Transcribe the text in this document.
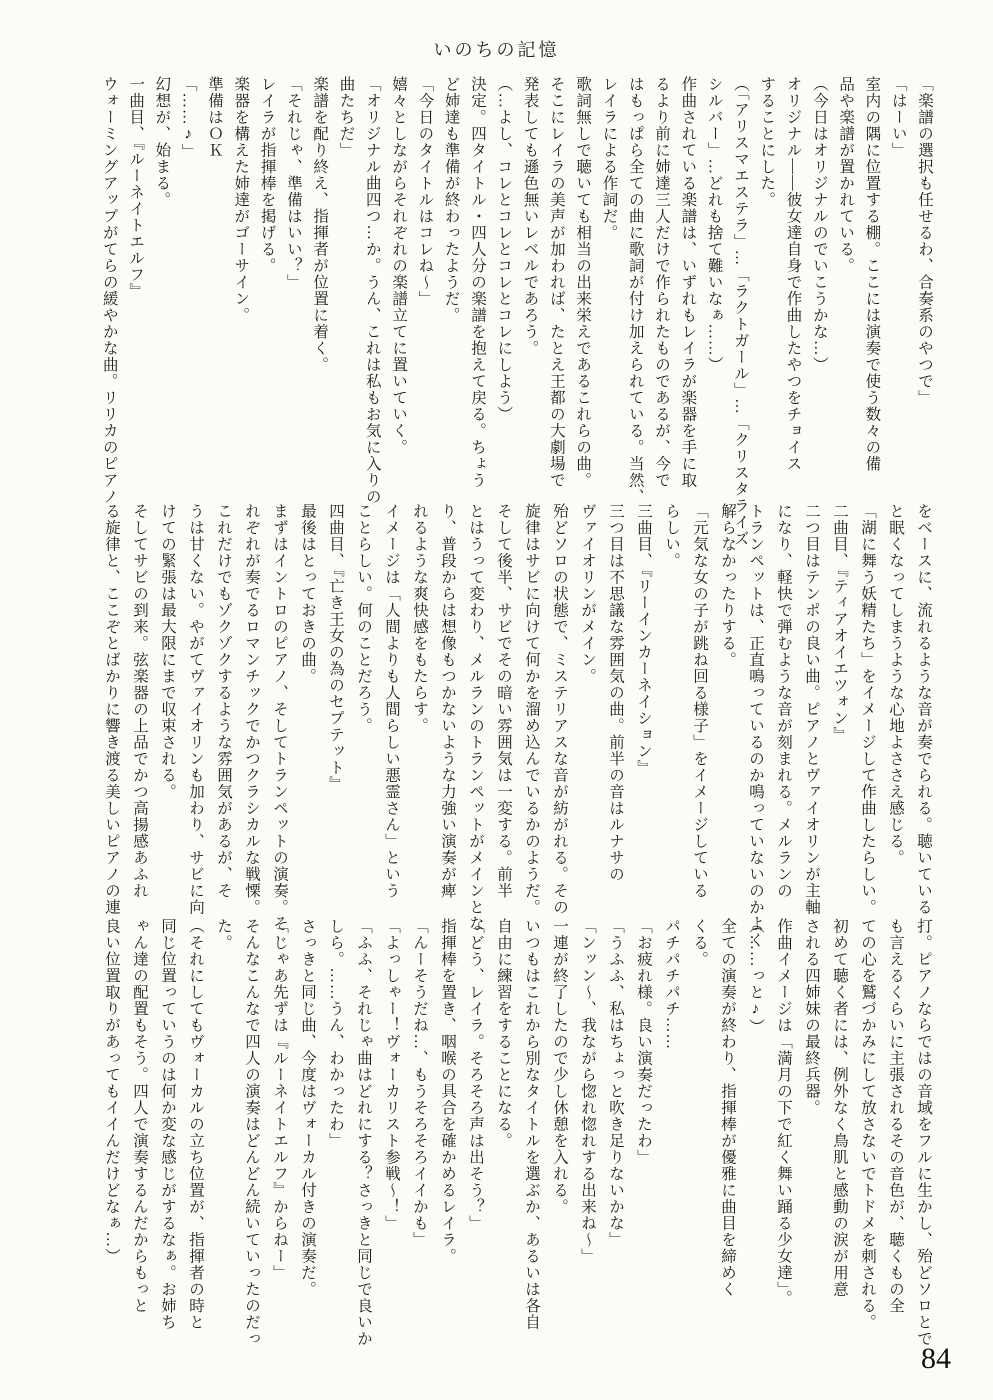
いのちの記憶

「楽譜の選択も任せるわ、合奏系のやつで」

「はーい」

室内の隅に位置する棚。ここには演奏で使う数々の備

品や楽譜が置かれている。

（今日はオリジナルのでいこうかな…）

オリジナル――彼女達自身で作曲したやつをチョイス

することにした。

（「アリスマエステラ」…「ラクトガール」…「クリスタライズ

シルバー」…どれも捨て難いなぁ……）

作曲されている楽譜は、いずれもレイラが楽器を手に取

るより前に姉達三人だけで作られたものであるが、今で

はもっぱら全ての曲に歌詞が付け加えられている。当然、

レイラによる作詞だ。

歌詞無しで聴いても相当の出来栄えであるこれらの曲。

そこにレイラの美声が加われば、たとえ王都の大劇場で

発表しても遜色無いレベルであろう。

（…よし、コレとコレとコレとコレにしよう）

決定。四タイトル・四人分の楽譜を抱えて戻る。ちょう

ど姉達も準備が終わったようだ。

「今日のタイトルはコレね〜」

嬉々としながらそれぞれの楽譜立てに置いていく。

「オリジナル曲四つ…か。うん、これは私もお気に入りの

曲たちだ」

楽譜を配り終え、指揮者が位置に着く。

「それじゃ、準備はいい？」

レイラが指揮棒を掲げる。

楽器を構えた姉達がゴーサイン。

準備はＯＫ

「……♪」

幻想が、始まる。

一曲目、『ルーネイトエルフ』

ウォーミングアップがてらの緩やかな曲。リリカのピアノ

をベースに、流れるような音が奏でられる。聴いている

と眠くなってしまうような心地よささえ感じる。

「湖に舞う妖精たち」をイメージして作曲したらしい。

二曲目、『ティアオイエツォン』

二つ目はテンポの良い曲。ピアノとヴァイオリンが主軸

になり、軽快で弾むような音が刻まれる。メルランの

トランペットは、正直鳴っているのか鳴っていないのかよく

解らなかったりする。

「元気な女の子が跳ね回る様子」をイメージしている

らしい。

三曲目、『リーインカーネイション』

三つ目は不思議な雰囲気の曲。前半の音はルナサの

ヴァイオリンがメイン。

殆どソロの状態で、ミステリアスな音が紡がれる。その

旋律はサビに向けて何かを溜め込んでいるかのようだ。

そして後半、サビでその暗い雰囲気は一変する。前半

とはうって変わり、メルランのトランペットがメインとな

り、普段からは想像もつかないような力強い演奏が痺

れるような爽快感をもたらす。

イメージは「人間よりも人間らしい悪霊さん」という

ことらしい。何のことだろう。

四曲目、『亡き王女の為のセプテット』

最後はとっておきの曲。

まずはイントロのピアノ、そしてトランペットの演奏。そ

れぞれが奏でるロマンチックでかつクラシカルな戦慄。

これだけでもゾクゾクするような雰囲気があるが、そ

うは甘くない。やがてヴァイオリンも加わり、サビに向

けての緊張は最大限にまで収束される。

そしてサビの到来。弦楽器の上品でかつ高揚感あふれ

る旋律と、ここぞとばかりに響き渡る美しいピアノの連

打。ピアノならではの音域をフルに生かし、殆どソロとで

も言えるくらいに主張されるその音色が、聴くもの全

ての心を鷲づかみにして放さないでトドメを刺される。

初めて聴く者には、例外なく鳥肌と感動の涙が用意

される四姉妹の最終兵器。

作曲イメージは「満月の下で紅く舞い踊る少女達」。

（……っと♪）

全ての演奏が終わり、指揮棒が優雅に曲目を締めく

くる。

パチパチパチ……

「お疲れ様。良い演奏だったわ」

「うふふ、私はちょっと吹き足りないかな」

「ンッン〜、我ながら惚れ惚れする出来ね〜」

一連が終了したので少し休憩を入れる。

いつもはこれから別なタイトルを選ぶか、あるいは各自

自由に練習をすることになる。

「どう、レイラ。そろそろ声は出そう？」

指揮棒を置き、咽喉の具合を確かめるレイラ。

「んーそうだね…、もうそろそろイイかも」

「よっしゃー！ヴォーカリスト参戦〜！」

「ふふ、それじゃ曲はどれにする？さっきと同じで良いか

しら。……うん、わかったわ」

さっきと同じ曲、今度はヴォーカル付きの演奏だ。

「じゃあ先ずは『ルーネイトエルフ』からねー」

そんなこんなで四人の演奏はどんどん続いていったのだっ

た。

（それにしてもヴォーカルの立ち位置が、指揮者の時と

同じ位置っていうのは何か変な感じがするなぁ。お姉ち

ゃん達の配置もそう。四人で演奏するんだからもっと

良い位置取りがあってもイイんだけどなぁ…）

84
